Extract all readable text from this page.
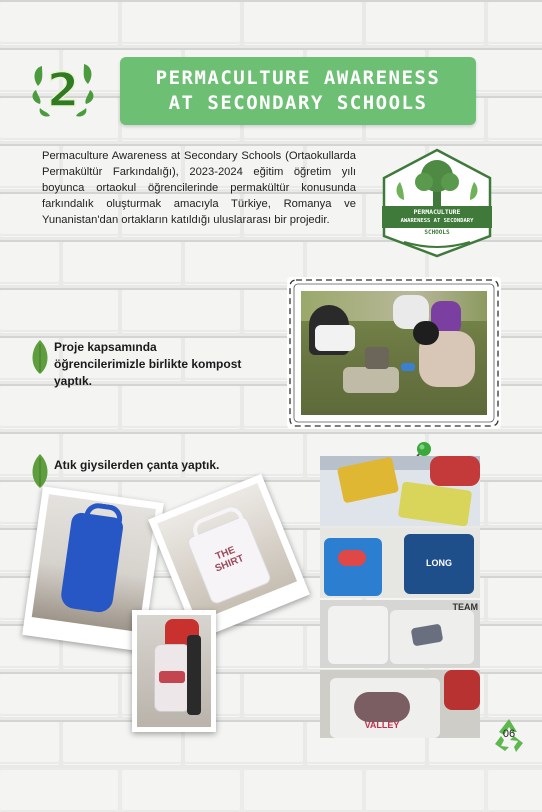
2	PERMACULTURE AWARENESS
AT SECONDARY SCHOOLS
Permaculture Awareness at Secondary Schools (Ortaokullarda Permakültür Farkındalığı), 2023-2024 eğitim öğretim yılı boyunca ortaokul öğrencilerinde permakültür konusunda farkındalık oluşturmak amacıyla Türkiye, Romanya ve Yunanistan'dan ortakların katıldığı uluslararası bir projedir.
PERMACULTURE
AWARENESS AT SECONDARY
SCHOOLS
Proje kapsamında öğrencilerimizle birlikte kompost yaptık.
Atık giysilerden çanta yaptık.
THE SHIRT	LONG
TEAM
VALLEY
06
